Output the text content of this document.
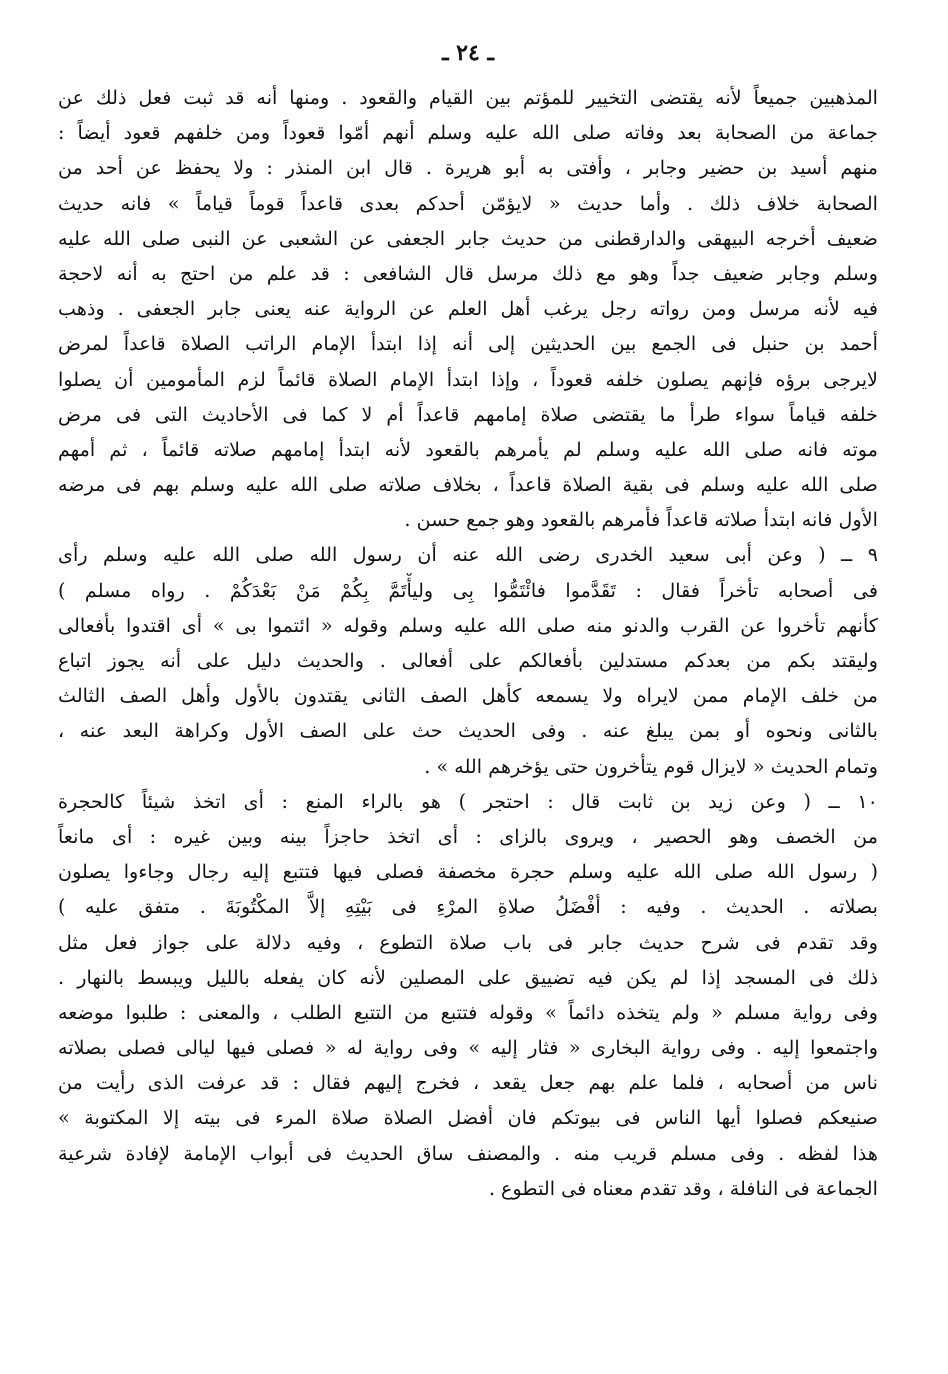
ـ ٢٤ ـ
المذهبين جميعاً لأنه يقتضى التخيير للمؤتم بين القيام والقعود . ومنها أنه قد ثبت فعل ذلك عن
جماعة من الصحابة بعد وفاته صلى الله عليه وسلم أنهم أمّوا قعوداً ومن خلفهم قعود أيضاً :
منهم أسيد بن حضير وجابر ، وأفتى به أبو هريرة . قال ابن المنذر : ولا يحفظ عن أحد من
الصحابة خلاف ذلك . وأما حديث « لايؤمّن أحدكم بعدى قاعداً قوماً قياماً » فانه حديث
ضعيف أخرجه البيهقى والدارقطنى من حديث جابر الجعفى عن الشعبى عن النبى صلى الله عليه
وسلم وجابر ضعيف جداً وهو مع ذلك مرسل قال الشافعى : قد علم من احتج به أنه لاحجة
فيه لأنه مرسل ومن رواته رجل يرغب أهل العلم عن الرواية عنه يعنى جابر الجعفى . وذهب
أحمد بن حنبل فى الجمع بين الحديثين إلى أنه إذا ابتدأ الإمام الراتب الصلاة قاعداً لمرض
لايرجى برؤه فإنهم يصلون خلفه قعوداً ، وإذا ابتدأ الإمام الصلاة قائماً لزم المأمومين أن يصلوا
خلفه قياماً سواء طرأ ما يقتضى صلاة إمامهم قاعداً أم لا كما فى الأحاديث التى فى مرض
موته فانه صلى الله عليه وسلم لم يأمرهم بالقعود لأنه ابتدأ إمامهم صلاته قائماً ، ثم أمهم
صلى الله عليه وسلم فى بقية الصلاة قاعداً ، بخلاف صلاته صلى الله عليه وسلم بهم فى مرضه
الأول فانه ابتدأ صلاته قاعداً فأمرهم بالقعود وهو جمع حسن .
٩ ــ ( وعن أبى سعيد الخدرى رضى الله عنه أن رسول الله صلى الله عليه وسلم رأى
فى أصحابه تأخراً فقال : تَقَدَّموا فائْتَمُّوا بِى وليأْتَمَّ بِكُمْ مَنْ بَعْدَكُمْ . رواه مسلم )
كأنهم تأخروا عن القرب والدنو منه صلى الله عليه وسلم وقوله « ائتموا بى » أى اقتدوا بأفعالى
وليقتد بكم من بعدكم مستدلين بأفعالكم على أفعالى . والحديث دليل على أنه يجوز اتباع
من خلف الإمام ممن لايراه ولا يسمعه كأهل الصف الثانى يقتدون بالأول وأهل الصف الثالث
بالثانى ونحوه أو بمن يبلغ عنه . وفى الحديث حث على الصف الأول وكراهة البعد عنه ،
وتمام الحديث « لايزال قوم يتأخرون حتى يؤخرهم الله » .
١٠ ــ ( وعن زيد بن ثابت قال : احتجر ) هو بالراء المنع : أى اتخذ شيئاً كالحجرة
من الخصف وهو الحصير ، ويروى بالزاى : أى اتخذ حاجزاً بينه وبين غيره : أى مانعاً
( رسول الله صلى الله عليه وسلم حجرة مخصفة فصلى فيها فتتبع إليه رجال وجاءوا يصلون
بصلاته . الحديث . وفيه : أفْضَلُ صلاةِ المرْءِ فى بَيْتِهِ إلاَّ المكْتُوبَةَ . متفق عليه )
وقد تقدم فى شرح حديث جابر فى باب صلاة التطوع ، وفيه دلالة على جواز فعل مثل
ذلك فى المسجد إذا لم يكن فيه تضييق على المصلين لأنه كان يفعله بالليل ويبسط بالنهار .
وفى رواية مسلم « ولم يتخذه دائماً » وقوله فتتبع من التتبع الطلب ، والمعنى : طلبوا موضعه
واجتمعوا إليه . وفى رواية البخارى « فثار إليه » وفى رواية له « فصلى فيها ليالى فصلى بصلاته
ناس من أصحابه ، فلما علم بهم جعل يقعد ، فخرج إليهم فقال : قد عرفت الذى رأيت من
صنيعكم فصلوا أيها الناس فى بيوتكم فان أفضل الصلاة صلاة المرء فى بيته إلا المكتوبة »
هذا لفظه . وفى مسلم قريب منه . والمصنف ساق الحديث فى أبواب الإمامة لإفادة شرعية
الجماعة فى النافلة ، وقد تقدم معناه فى التطوع .
